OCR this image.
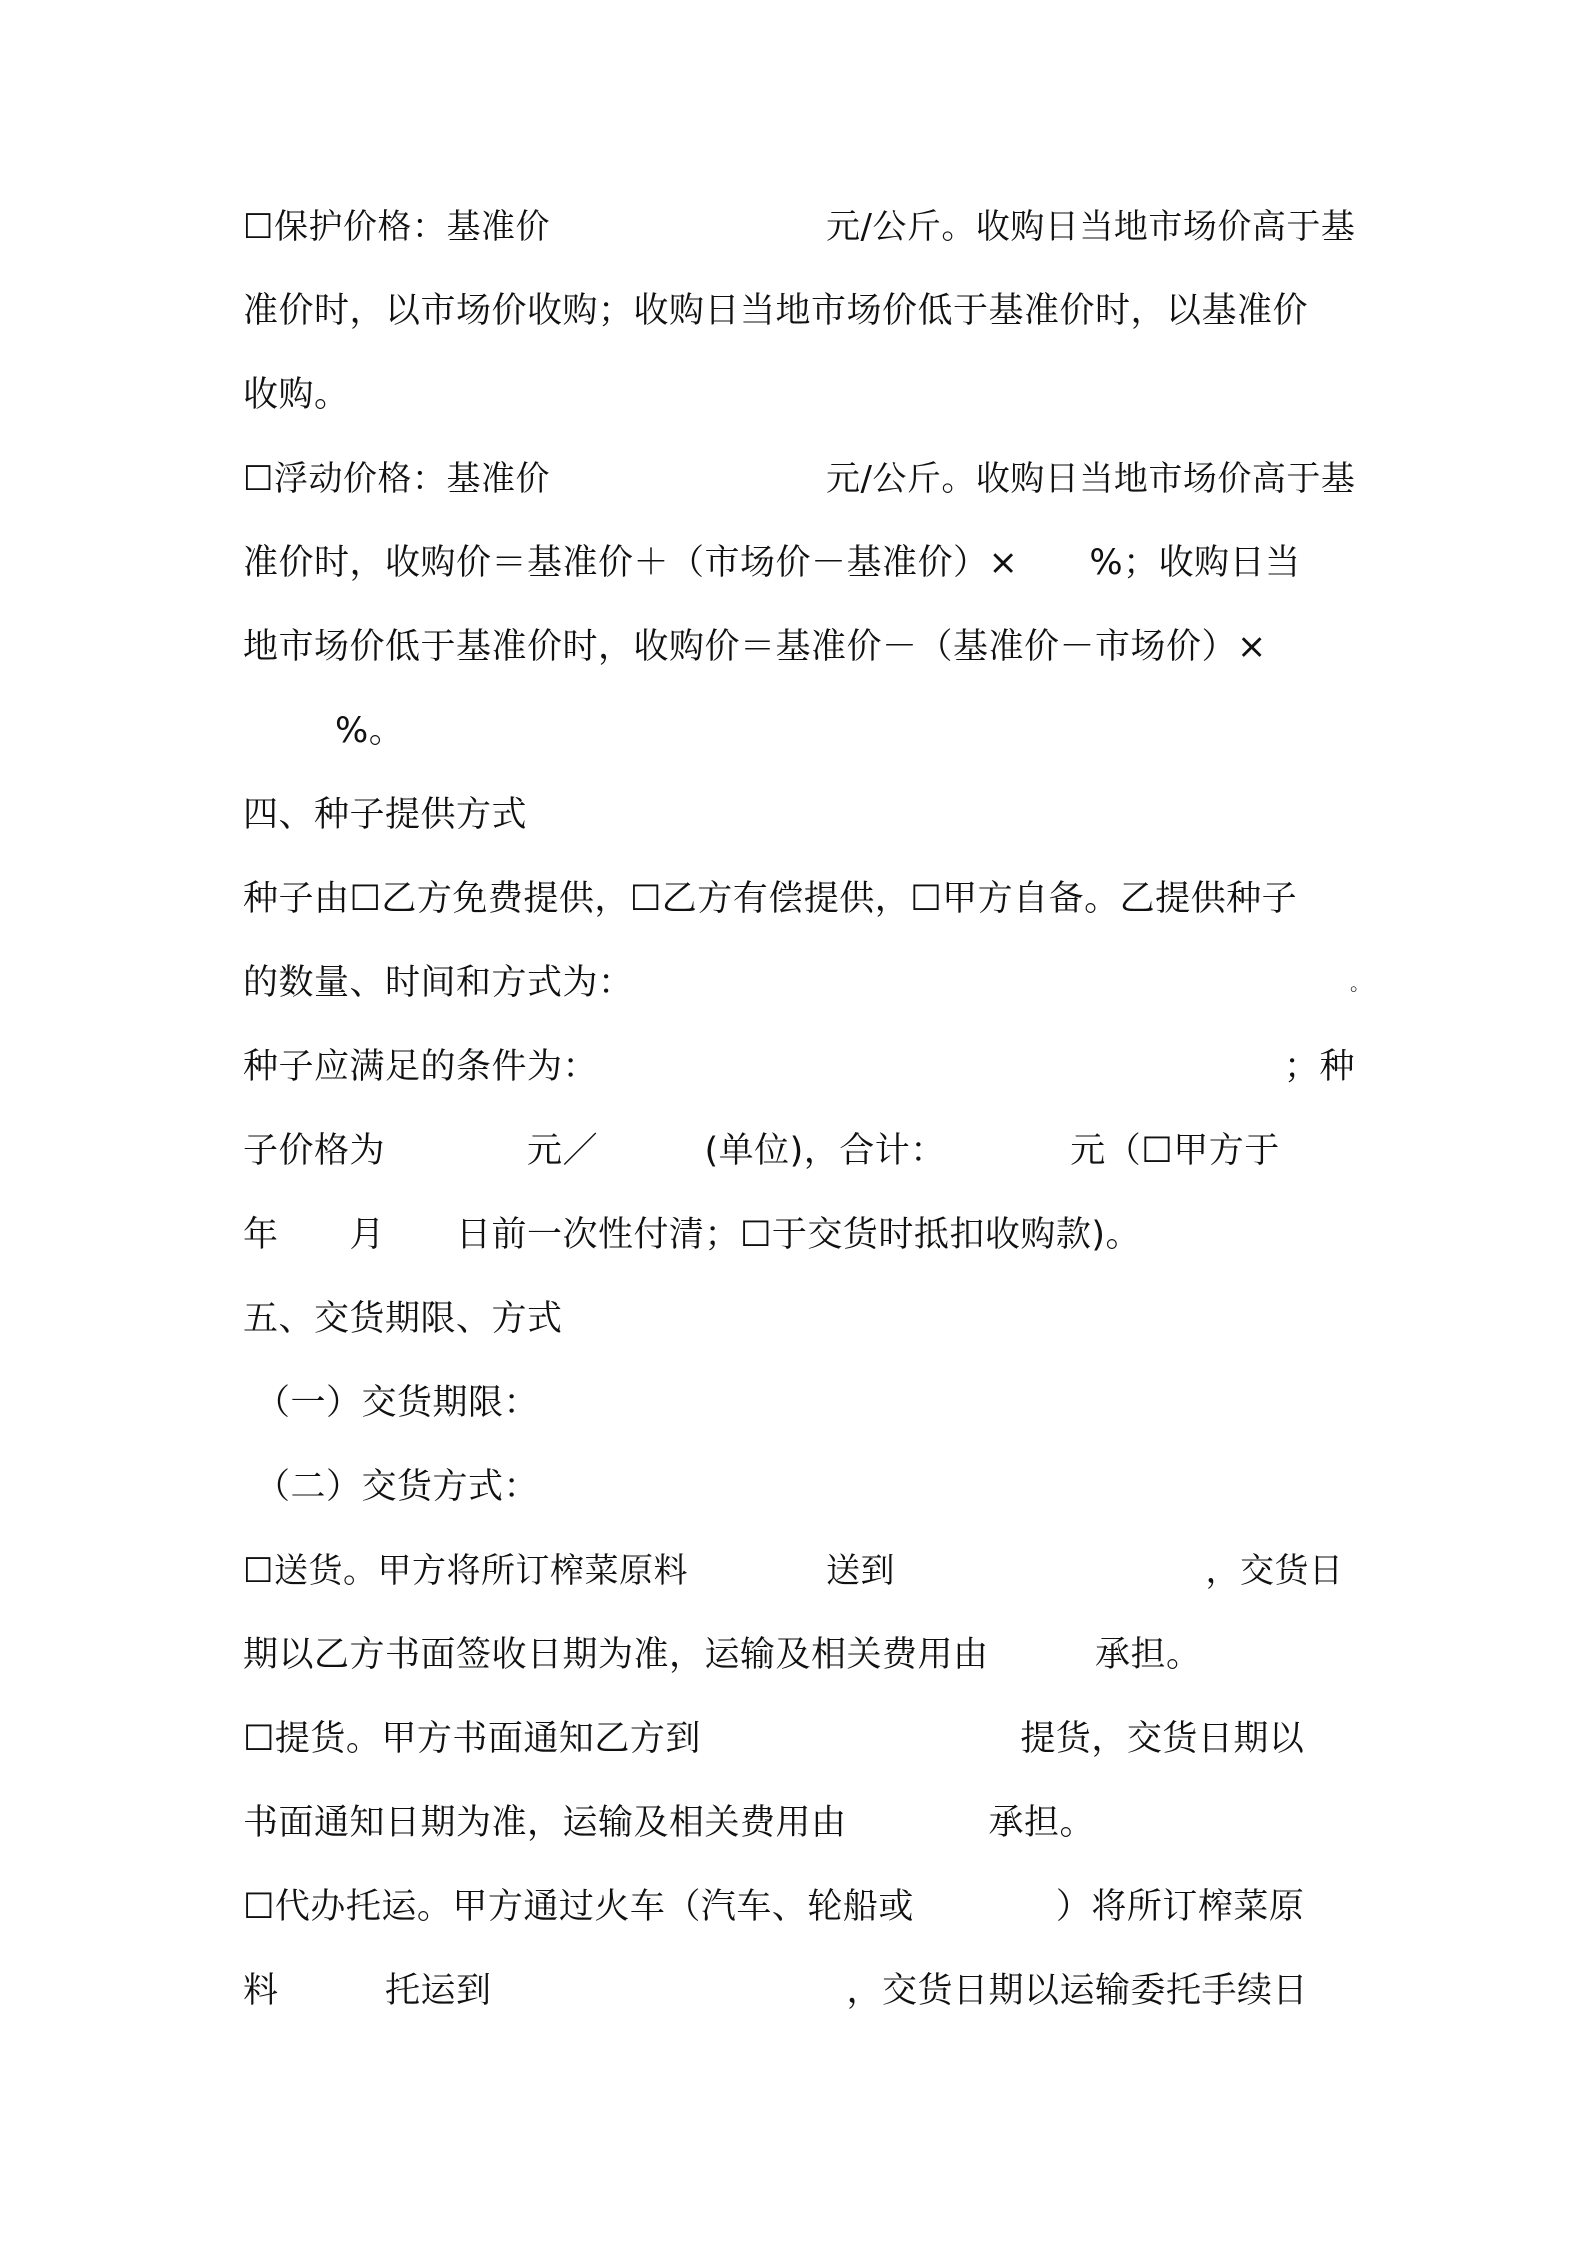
☐保护价格：基准价　　　　　　　　元/公斤。收购日当地市场价高于基
准价时，以市场价收购；收购日当地市场价低于基准价时，以基准价
收购。
☐浮动价格：基准价　　　　　　　　元/公斤。收购日当地市场价高于基
准价时，收购价＝基准价＋（市场价－基准价）×　　%；收购日当
地市场价低于基准价时，收购价＝基准价－（基准价－市场价）×
%。
四、种子提供方式
种子由☐乙方免费提供，☐乙方有偿提供，☐甲方自备。乙提供种子
的数量、时间和方式为：	。
种子应满足的条件为：	；种
子价格为　　　　元／　　　(单位)，合计：　　　　元（☐甲方于
年　　月　　日前一次性付清；☐于交货时抵扣收购款)。
五、交货期限、方式
（一）交货期限：
（二）交货方式：
☐送货。甲方将所订榨菜原料　　　　送到　　　　　　　　　，交货日
期以乙方书面签收日期为准，运输及相关费用由　　　承担。
☐提货。甲方书面通知乙方到　　　　　　　　　提货，交货日期以
书面通知日期为准，运输及相关费用由　　　　承担。
☐代办托运。甲方通过火车（汽车、轮船或　　　　）将所订榨菜原
料　　　托运到　　　　　　　　　　，交货日期以运输委托手续日
